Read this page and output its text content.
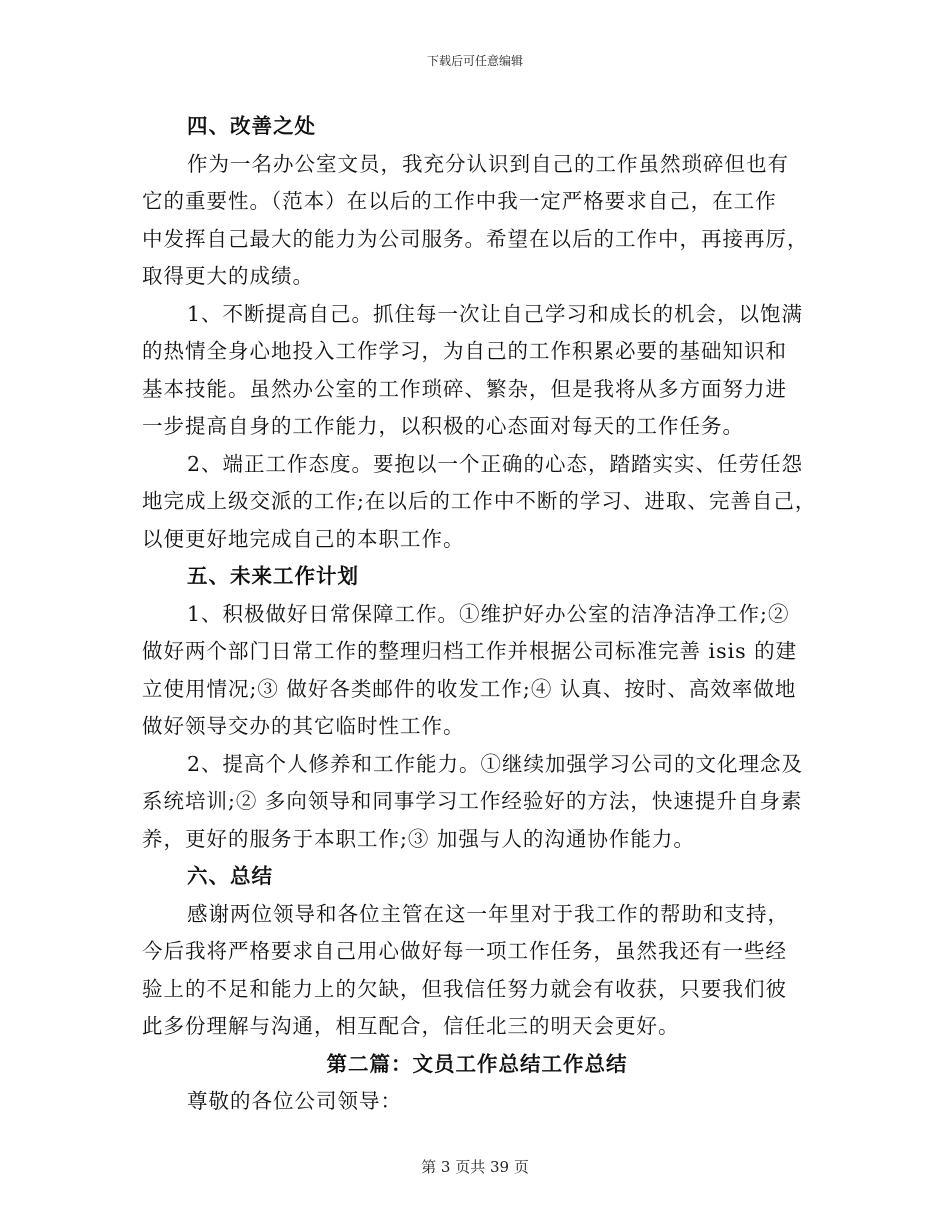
下载后可任意编辑
四、改善之处
作为一名办公室文员，我充分认识到自己的工作虽然琐碎但也有
它的重要性。（范本）在以后的工作中我一定严格要求自己，在工作
中发挥自己最大的能力为公司服务。希望在以后的工作中，再接再厉，
取得更大的成绩。
1、不断提高自己。抓住每一次让自己学习和成长的机会，以饱满
的热情全身心地投入工作学习，为自己的工作积累必要的基础知识和
基本技能。虽然办公室的工作琐碎、繁杂，但是我将从多方面努力进
一步提高自身的工作能力，以积极的心态面对每天的工作任务。
2、端正工作态度。要抱以一个正确的心态，踏踏实实、任劳任怨
地完成上级交派的工作;在以后的工作中不断的学习、进取、完善自己，
以便更好地完成自己的本职工作。
五、未来工作计划
1、积极做好日常保障工作。①维护好办公室的洁净洁净工作;②
做好两个部门日常工作的整理归档工作并根据公司标准完善 isis 的建
立使用情况;③ 做好各类邮件的收发工作;④ 认真、按时、高效率做地
做好领导交办的其它临时性工作。
2、提高个人修养和工作能力。①继续加强学习公司的文化理念及
系统培训;② 多向领导和同事学习工作经验好的方法，快速提升自身素
养，更好的服务于本职工作;③ 加强与人的沟通协作能力。
六、总结
感谢两位领导和各位主管在这一年里对于我工作的帮助和支持，
今后我将严格要求自己用心做好每一项工作任务，虽然我还有一些经
验上的不足和能力上的欠缺，但我信任努力就会有收获，只要我们彼
此多份理解与沟通，相互配合，信任北三的明天会更好。
第二篇：文员工作总结工作总结
尊敬的各位公司领导：
第 3 页共 39 页
